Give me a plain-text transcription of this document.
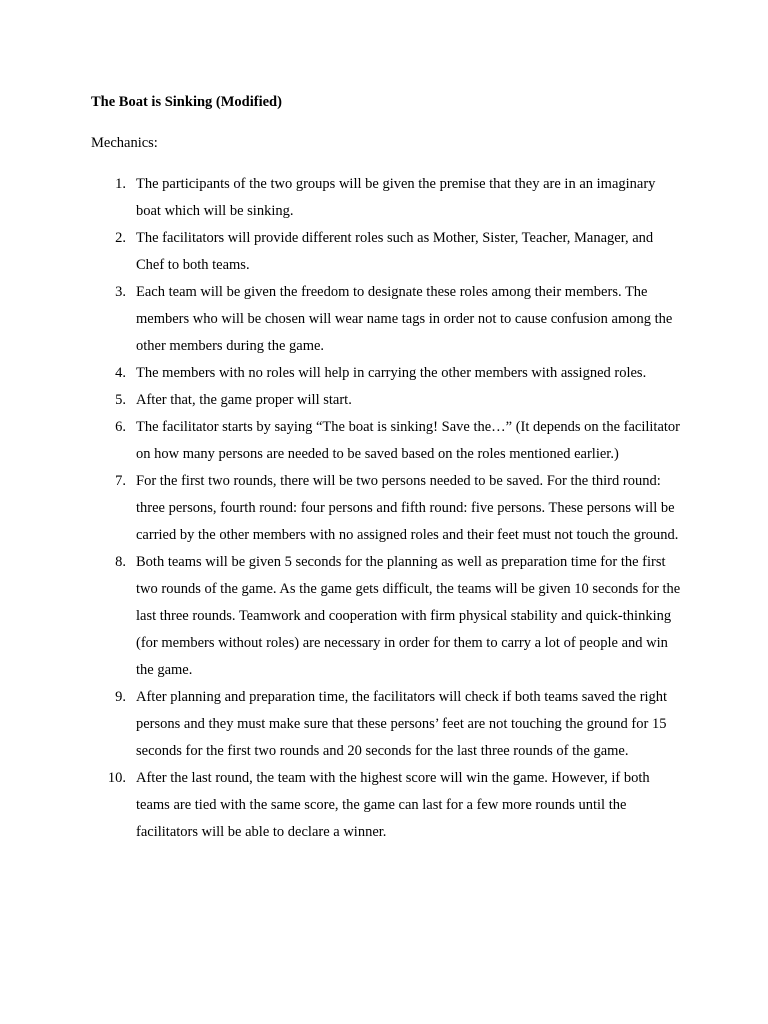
The Boat is Sinking (Modified)

Mechanics:

1. The participants of the two groups will be given the premise that they are in an imaginary boat which will be sinking.
2. The facilitators will provide different roles such as Mother, Sister, Teacher, Manager, and Chef to both teams.
3. Each team will be given the freedom to designate these roles among their members. The members who will be chosen will wear name tags in order not to cause confusion among the other members during the game.
4. The members with no roles will help in carrying the other members with assigned roles.
5. After that, the game proper will start.
6. The facilitator starts by saying “The boat is sinking! Save the…” (It depends on the facilitator on how many persons are needed to be saved based on the roles mentioned earlier.)
7. For the first two rounds, there will be two persons needed to be saved. For the third round: three persons, fourth round: four persons and fifth round: five persons. These persons will be carried by the other members with no assigned roles and their feet must not touch the ground.
8. Both teams will be given 5 seconds for the planning as well as preparation time for the first two rounds of the game. As the game gets difficult, the teams will be given 10 seconds for the last three rounds. Teamwork and cooperation with firm physical stability and quick-thinking (for members without roles) are necessary in order for them to carry a lot of people and win the game.
9. After planning and preparation time, the facilitators will check if both teams saved the right persons and they must make sure that these persons’ feet are not touching the ground for 15 seconds for the first two rounds and 20 seconds for the last three rounds of the game.
10. After the last round, the team with the highest score will win the game. However, if both teams are tied with the same score, the game can last for a few more rounds until the facilitators will be able to declare a winner.
